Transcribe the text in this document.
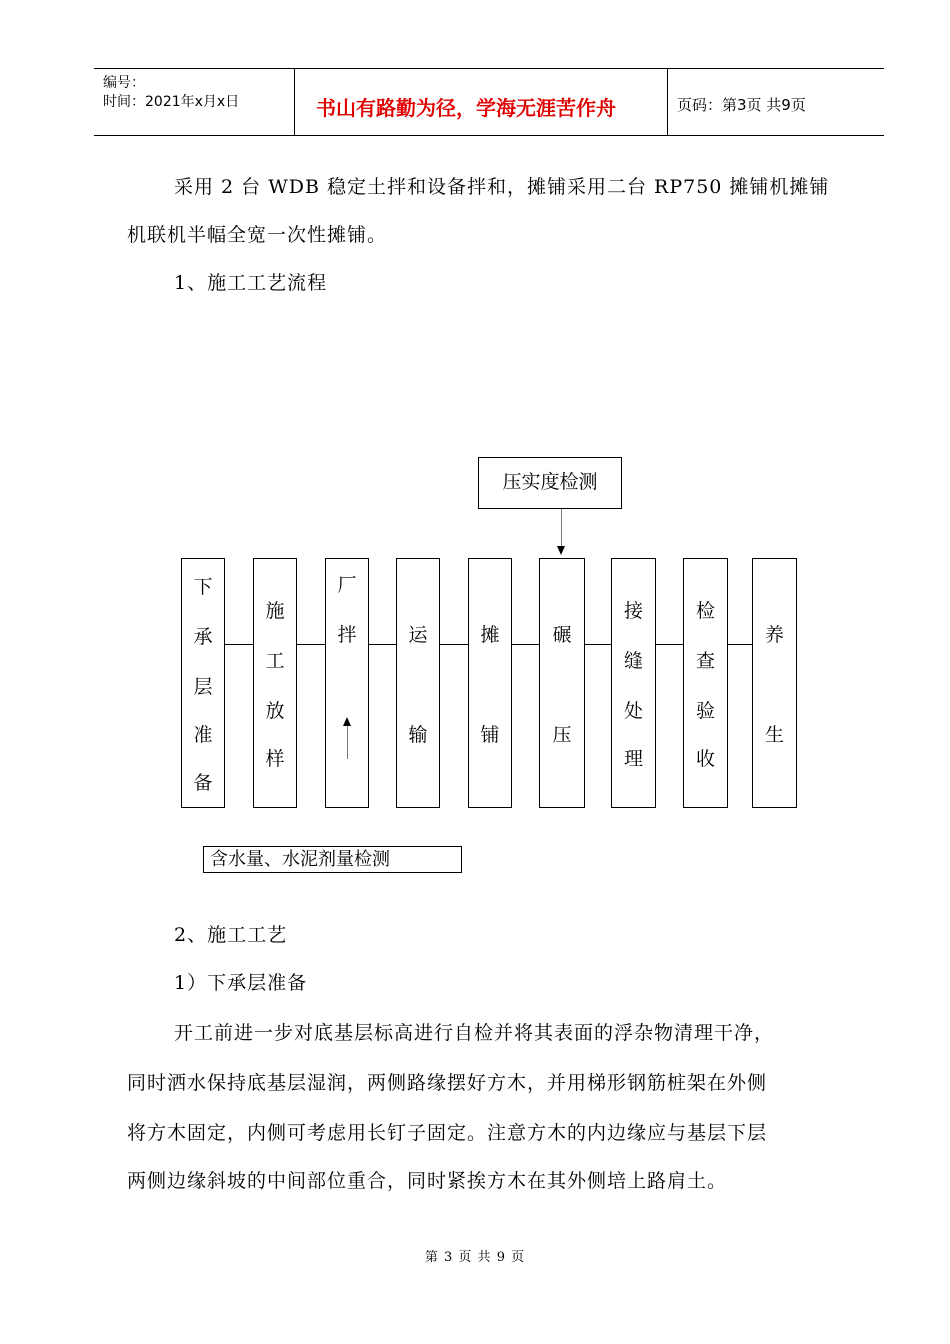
编号：
时间：2021年x月x日	书山有路勤为径，学海无涯苦作舟	页码：第3页 共9页
采用 2 台 WDB 稳定土拌和设备拌和，摊铺采用二台 RP750 摊铺机摊铺
机联机半幅全宽一次性摊铺。
1、施工工艺流程
压实度检测
下
承
层
准
备
施
工
放
样
厂
拌	运
输
摊
铺
碾
压
接
缝
处
理
检
查
验
收
养
生
含水量、水泥剂量检测
2、施工工艺
1）下承层准备
开工前进一步对底基层标高进行自检并将其表面的浮杂物清理干净，
同时洒水保持底基层湿润，两侧路缘摆好方木，并用梯形钢筋桩架在外侧
将方木固定，内侧可考虑用长钉子固定。注意方木的内边缘应与基层下层
两侧边缘斜坡的中间部位重合，同时紧挨方木在其外侧培上路肩土。
第 3 页 共 9 页
